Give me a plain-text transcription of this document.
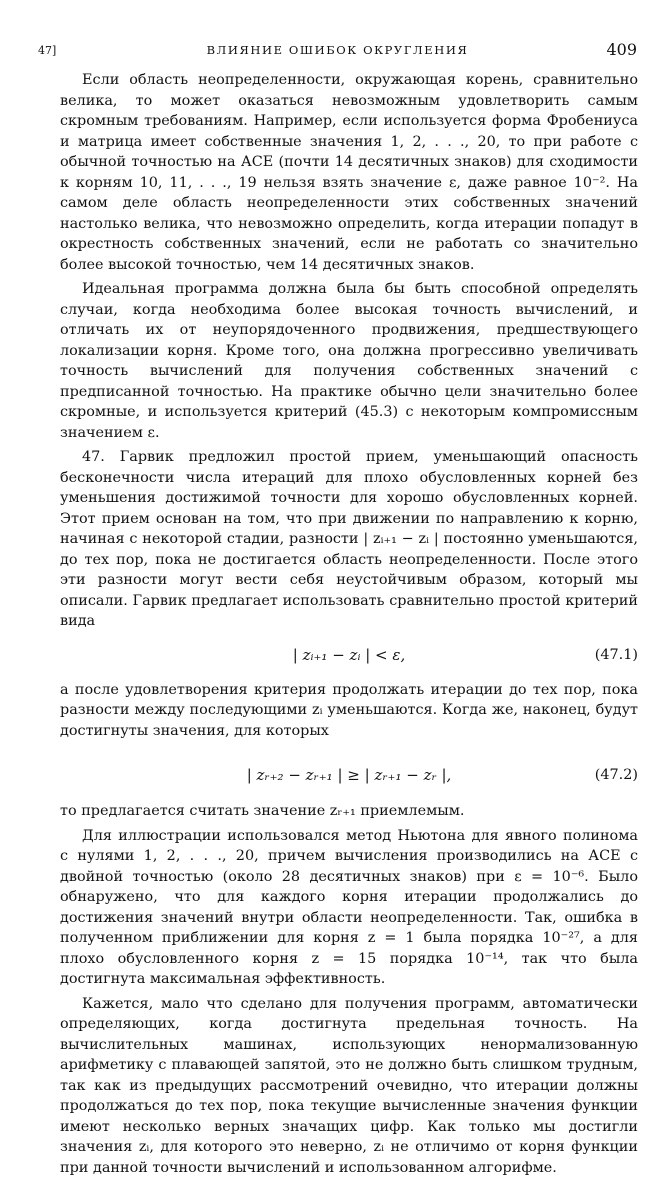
47]	ВЛИЯНИЕ ОШИБОК ОКРУГЛЕНИЯ	409

Если область неопределенности, окружающая корень, сравнительно велика, то может оказаться невозможным удовлетворить самым скромным требованиям. Например, если используется форма Фробениуса и матрица имеет собственные значения 1, 2, . . ., 20, то при работе с обычной точностью на АСЕ (почти 14 десятичных знаков) для сходимости к корням 10, 11, . . ., 19 нельзя взять значение ε, даже равное 10⁻². На самом деле область неопределенности этих собственных значений настолько велика, что невозможно определить, когда итерации попадут в окрестность собственных значений, если не работать со значительно более высокой точностью, чем 14 десятичных знаков.

Идеальная программа должна была бы быть способной определять случаи, когда необходима более высокая точность вычислений, и отличать их от неупорядоченного продвижения, предшествующего локализации корня. Кроме того, она должна прогрессивно увеличивать точность вычислений для получения собственных значений с предписанной точностью. На практике обычно цели значительно более скромные, и используется критерий (45.3) с некоторым компромиссным значением ε.

47. Гарвик предложил простой прием, уменьшающий опасность бесконечности числа итераций для плохо обусловленных корней без уменьшения достижимой точности для хорошо обусловленных корней. Этот прием основан на том, что при движении по направлению к корню, начиная с некоторой стадии, разности | zᵢ₊₁ − zᵢ | постоянно уменьшаются, до тех пор, пока не достигается область неопределенности. После этого эти разности могут вести себя неустойчивым образом, который мы описали. Гарвик предлагает использовать сравнительно простой критерий вида

| zᵢ₊₁ − zᵢ | < ε,	(47.1)

а после удовлетворения критерия продолжать итерации до тех пор, пока разности между последующими zᵢ уменьшаются. Когда же, наконец, будут достигнуты значения, для которых

| zᵣ₊₂ − zᵣ₊₁ | ≥ | zᵣ₊₁ − zᵣ |,	(47.2)

то предлагается считать значение zᵣ₊₁ приемлемым.

Для иллюстрации использовался метод Ньютона для явного полинома с нулями 1, 2, . . ., 20, причем вычисления производились на АСЕ с двойной точностью (около 28 десятичных знаков) при ε = 10⁻⁶. Было обнаружено, что для каждого корня итерации продолжались до достижения значений внутри области неопределенности. Так, ошибка в полученном приближении для корня z = 1 была порядка 10⁻²⁷, а для плохо обусловленного корня z = 15 порядка 10⁻¹⁴, так что была достигнута максимальная эффективность.

Кажется, мало что сделано для получения программ, автоматически определяющих, когда достигнута предельная точность. На вычислительных машинах, использующих ненормализованную арифметику с плавающей запятой, это не должно быть слишком трудным, так как из предыдущих рассмотрений очевидно, что итерации должны продолжаться до тех пор, пока текущие вычисленные значения функции имеют несколько верных значащих цифр. Как только мы достигли значения zᵢ, для которого это неверно, zᵢ не отличимо от корня функции при данной точности вычислений и использованном алгорифме.
